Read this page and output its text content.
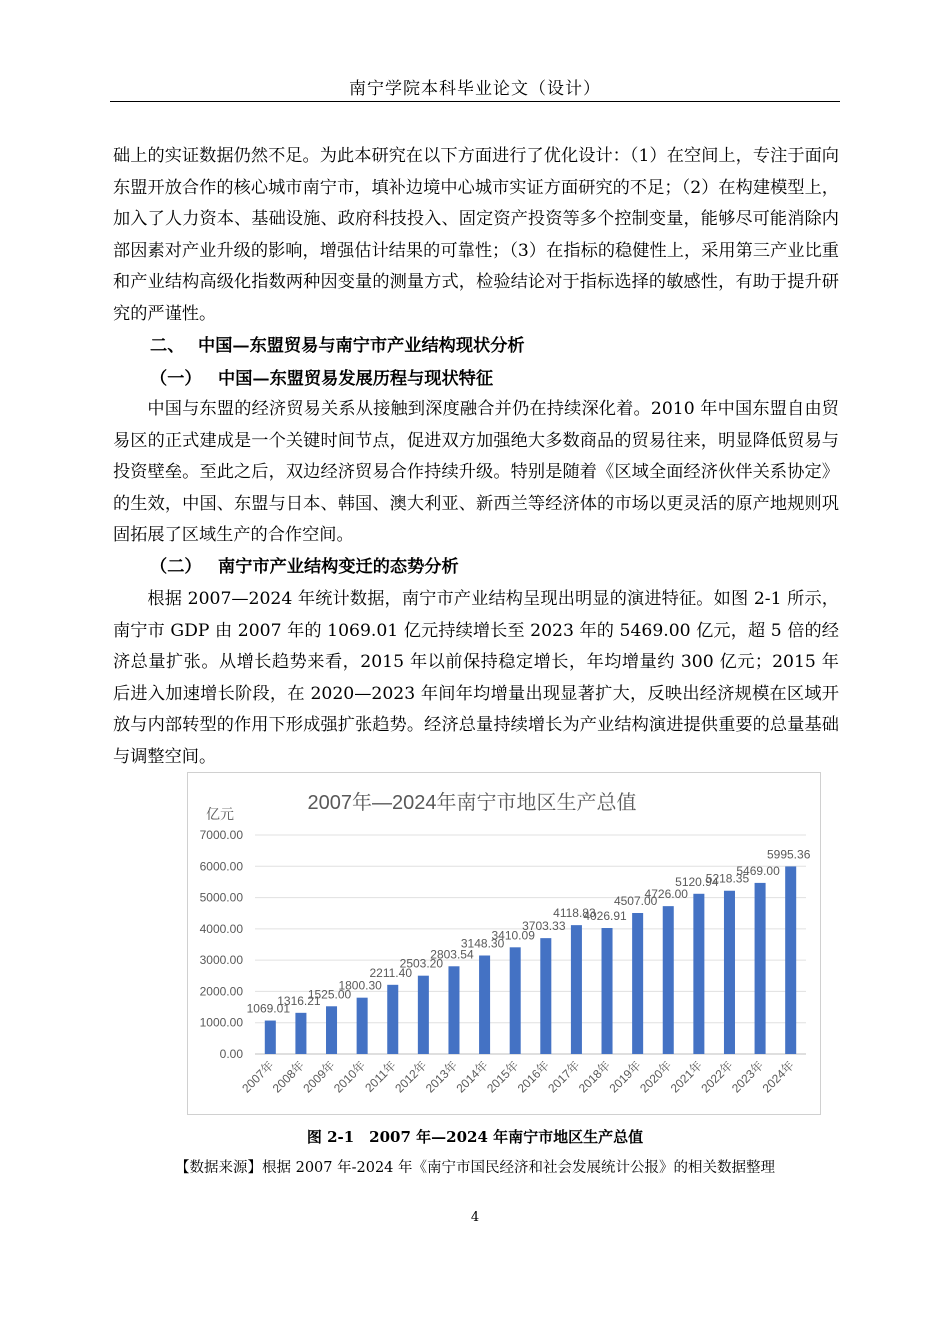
南宁学院本科毕业论文（设计）

础上的实证数据仍然不足。为此本研究在以下方面进行了优化设计：（1）在空间上，专注于面向东盟开放合作的核心城市南宁市，填补边境中心城市实证方面研究的不足；（2）在构建模型上，加入了人力资本、基础设施、政府科技投入、固定资产投资等多个控制变量，能够尽可能消除内部因素对产业升级的影响，增强估计结果的可靠性；（3）在指标的稳健性上，采用第三产业比重和产业结构高级化指数两种因变量的测量方式，检验结论对于指标选择的敏感性，有助于提升研究的严谨性。

二、 中国—东盟贸易与南宁市产业结构现状分析

（一） 中国—东盟贸易发展历程与现状特征

中国与东盟的经济贸易关系从接触到深度融合并仍在持续深化着。2010 年中国东盟自由贸易区的正式建成是一个关键时间节点，促进双方加强绝大多数商品的贸易往来，明显降低贸易与投资壁垒。至此之后，双边经济贸易合作持续升级。特别是随着《区域全面经济伙伴关系协定》的生效，中国、东盟与日本、韩国、澳大利亚、新西兰等经济体的市场以更灵活的原产地规则巩固拓展了区域生产的合作空间。

（二） 南宁市产业结构变迁的态势分析

根据 2007—2024 年统计数据，南宁市产业结构呈现出明显的演进特征。如图 2-1 所示，南宁市 GDP 由 2007 年的 1069.01 亿元持续增长至 2023 年的 5469.00 亿元，超 5 倍的经济总量扩张。从增长趋势来看，2015 年以前保持稳定增长，年均增量约 300 亿元；2015 年后进入加速增长阶段，在 2020—2023 年间年均增量出现显著扩大，反映出经济规模在区域开放与内部转型的作用下形成强扩张趋势。经济总量持续增长为产业结构演进提供重要的总量基础与调整空间。

2007年—2024年南宁市地区生产总值
亿元
0.00
1000.00
2000.00
3000.00
4000.00
5000.00
6000.00
7000.00
1069.01
1316.21
1525.00
1800.30
2211.40
2503.20
2803.54
3148.30
3410.09
3703.33
4118.83
4026.91
4507.00
4726.00
5120.94
5218.35
5469.00
5995.36
2007年
2008年
2009年
2010年
2011年
2012年
2013年
2014年
2015年
2016年
2017年
2018年
2019年
2020年
2021年
2022年
2023年
2024年
图 2-1　2007 年—2024 年南宁市地区生产总值
【数据来源】根据 2007 年-2024 年《南宁市国民经济和社会发展统计公报》的相关数据整理
4
